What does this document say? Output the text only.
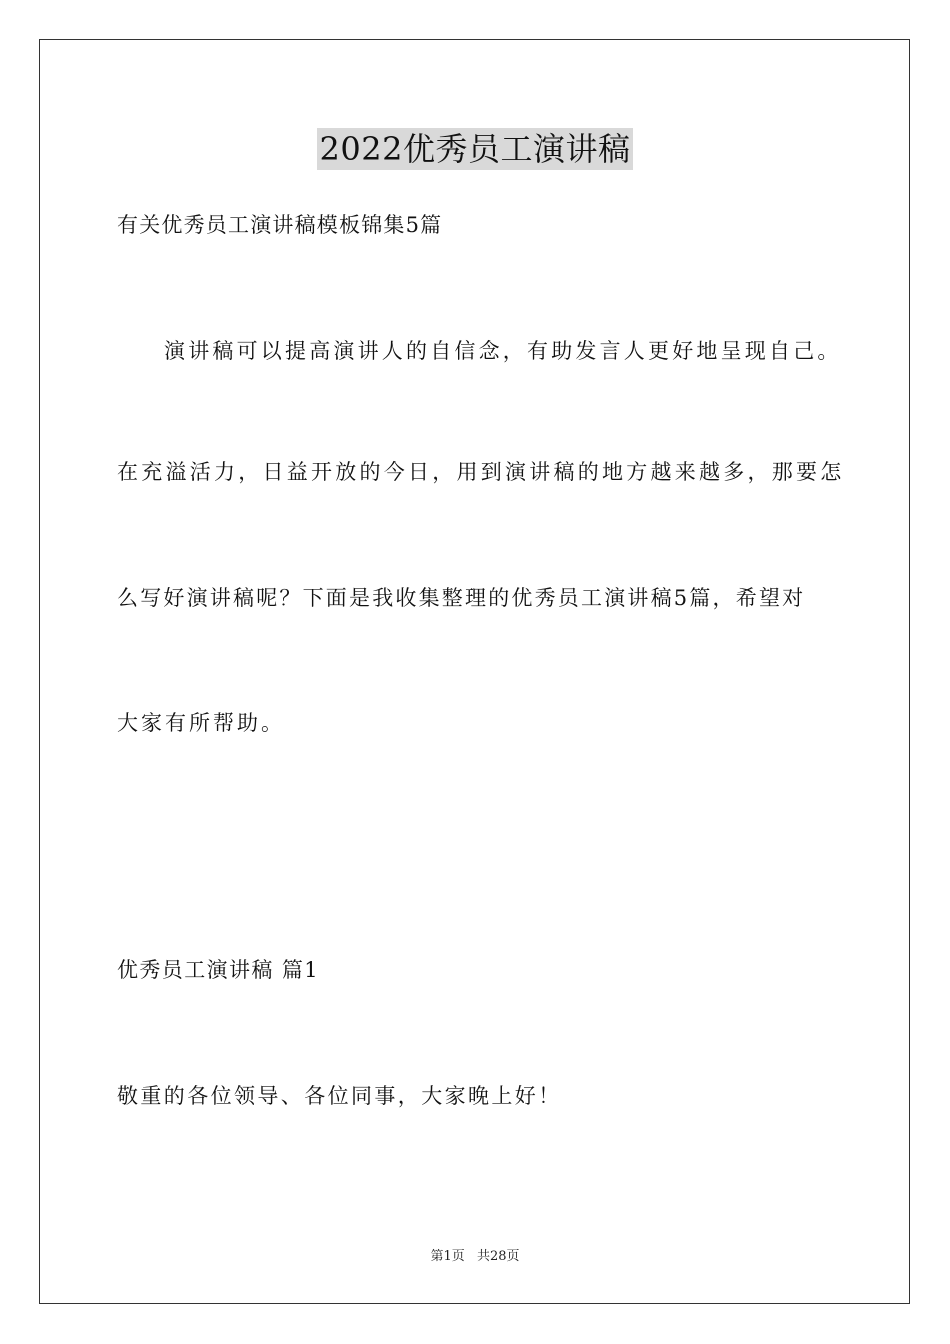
2022优秀员工演讲稿
有关优秀员工演讲稿模板锦集5篇
演讲稿可以提高演讲人的自信念，有助发言人更好地呈现自己。
在充溢活力，日益开放的今日，用到演讲稿的地方越来越多，那要怎
么写好演讲稿呢？下面是我收集整理的优秀员工演讲稿5篇，希望对
大家有所帮助。
优秀员工演讲稿 篇1
敬重的各位领导、各位同事，大家晚上好！
第1页 共28页
